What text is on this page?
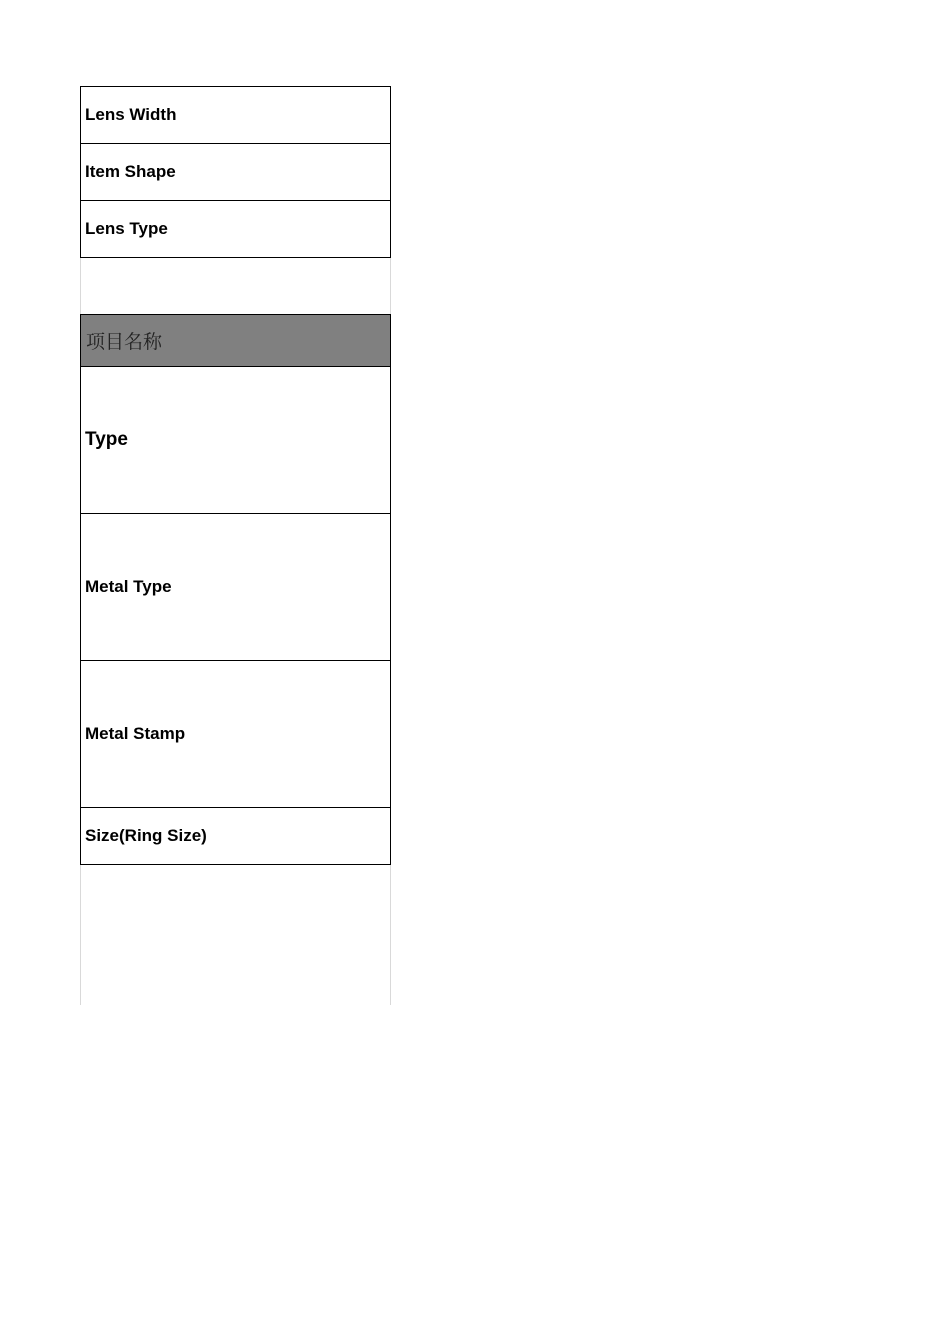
Lens Width
Item Shape
Lens Type
项目名称
Type
Metal Type
Metal Stamp
Size(Ring Size)
